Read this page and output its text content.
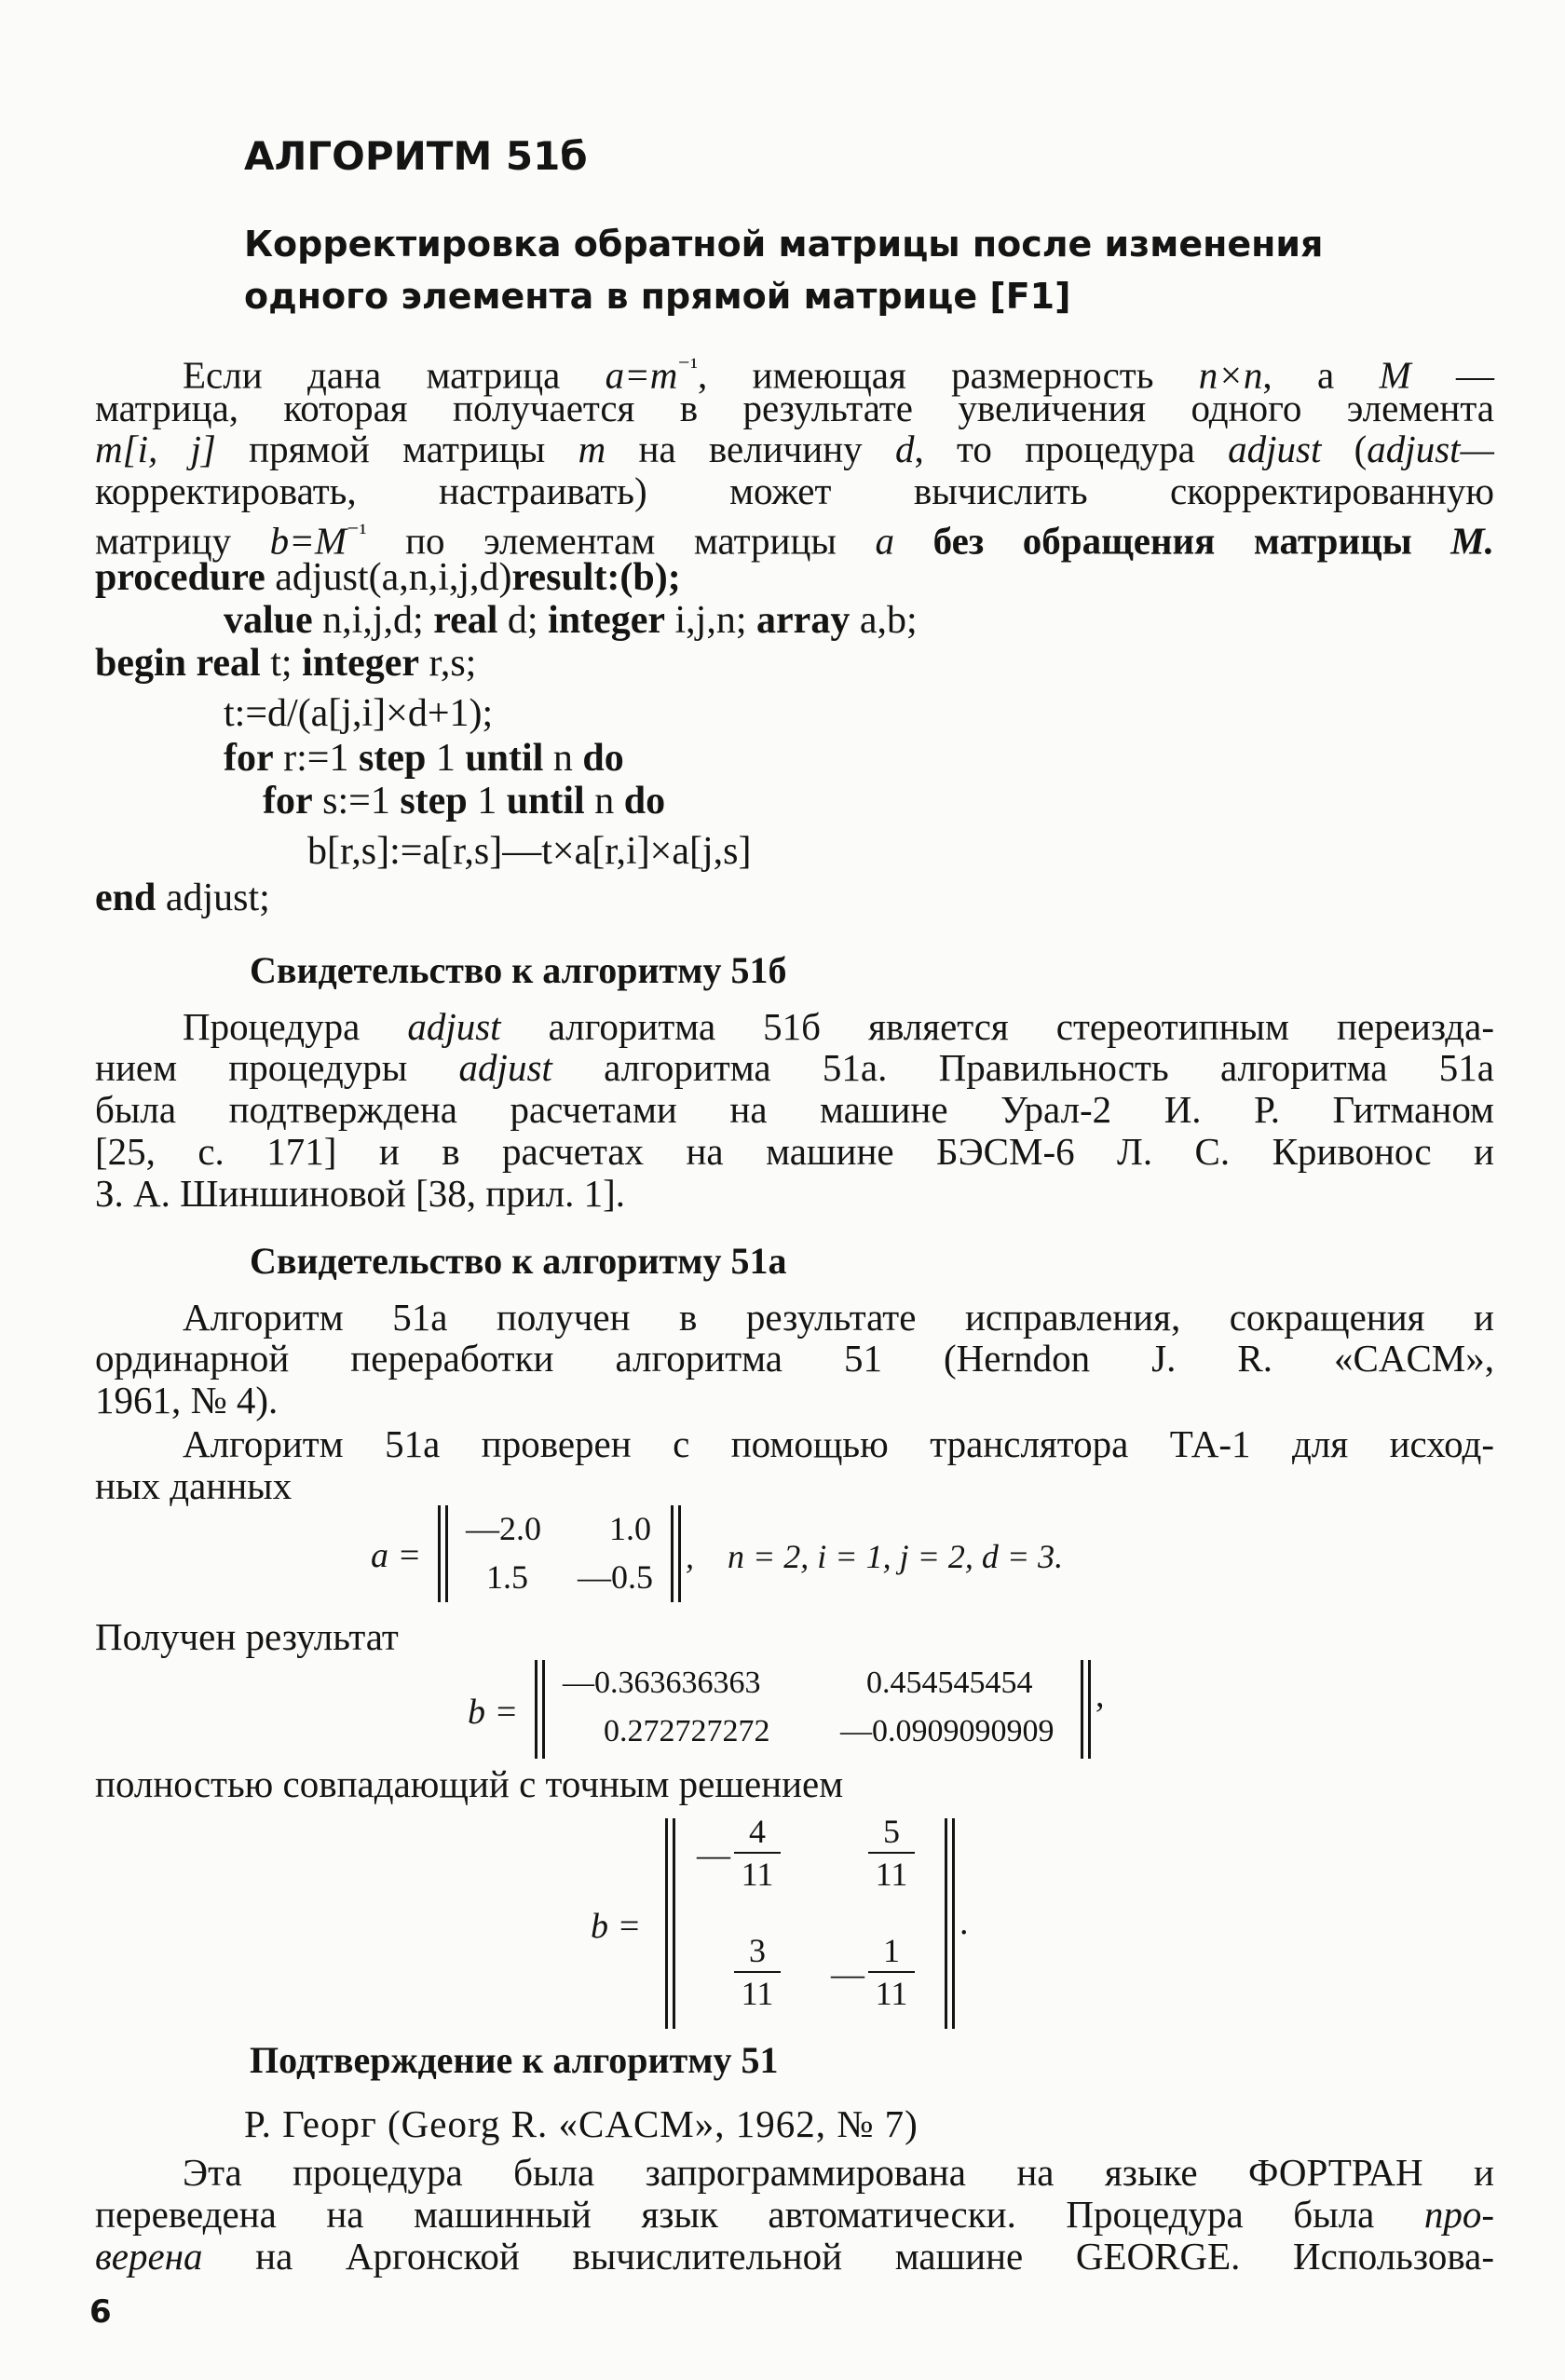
АЛГОРИТМ 51б
Корректировка обратной матрицы после изменения
одного элемента в прямой матрице [F1]
Если дана матрица $a=m^{^{-1}}$, имеющая размерность n×n, а M —
матрица, которая получается в результате увеличения одного элемента
m[i, j] прямой матрицы m на величину d, то процедура adjust (adjust—
корректировать, настраивать) может вычислить скорректированную
матрицу $b=M^{^{-1}}$ по элементам матрицы a без обращения матрицы M.
procedure adjust(a,n,i,j,d)result:(b);
value n,i,j,d; real d; integer i,j,n; array a,b;
begin real t; integer r,s;
t:=d/(a[j,i]×d+1);
for r:=1 step 1 until n do
for s:=1 step 1 until n do
b[r,s]:=a[r,s]—t×a[r,i]×a[j,s]
end adjust;
Свидетельство к алгоритму 51б
Процедура adjust алгоритма 51б является стереотипным переизда-
нием процедуры adjust алгоритма 51а. Правильность алгоритма 51а
была подтверждена расчетами на машине Урал-2 И. Р. Гитманом
[25, с. 171] и в расчетах на машине БЭСМ-6 Л. С. Кривонос и
З. А. Шиншиновой [38, прил. 1].
Свидетельство к алгоритму 51а
Алгоритм 51а получен в результате исправления, сокращения и
ординарной переработки алгоритма 51 (Herndon J. R. «CACM»,
1961, № 4).
Алгоритм 51а проверен с помощью транслятора ТА-1 для исход-
ных данных
a =
—2.0 1.0
1.5 —0.5
,    n = 2, i = 1, j = 2, d = 3.
Получен результат
b =
—0.363636363	0.454545454
0.272727272 —0.0909090909
,
полностью совпадающий с точным решением
b =
—
4
11
5
11
3
11
—
1
11
.
Подтверждение к алгоритму 51
Р. Георг (Georg R. «CACM», 1962, № 7)
Эта процедура была запрограммирована на языке ФОРТРАН и
переведена на машинный язык автоматически. Процедура была про-
верена на Аргонской вычислительной машине GEORGE. Использова-
6
